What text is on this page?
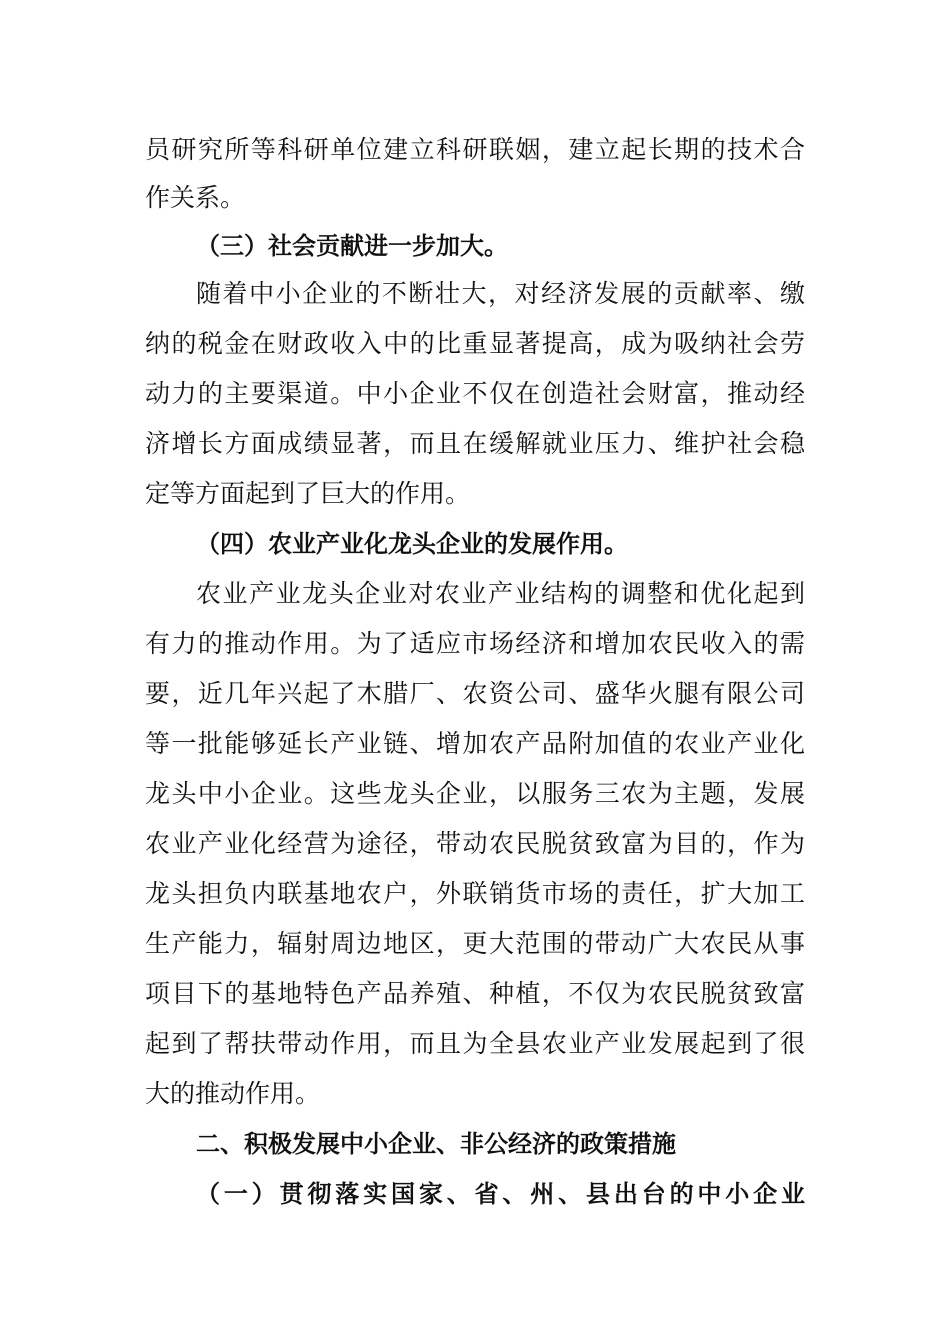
员研究所等科研单位建立科研联姻，建立起长期的技术合
作关系。
（三）社会贡献进一步加大。
随着中小企业的不断壮大，对经济发展的贡献率、缴
纳的税金在财政收入中的比重显著提高，成为吸纳社会劳
动力的主要渠道。中小企业不仅在创造社会财富，推动经
济增长方面成绩显著，而且在缓解就业压力、维护社会稳
定等方面起到了巨大的作用。
（四）农业产业化龙头企业的发展作用。
农业产业龙头企业对农业产业结构的调整和优化起到
有力的推动作用。为了适应市场经济和增加农民收入的需
要，近几年兴起了木腊厂、农资公司、盛华火腿有限公司
等一批能够延长产业链、增加农产品附加值的农业产业化
龙头中小企业。这些龙头企业，以服务三农为主题，发展
农业产业化经营为途径，带动农民脱贫致富为目的，作为
龙头担负内联基地农户，外联销货市场的责任，扩大加工
生产能力，辐射周边地区，更大范围的带动广大农民从事
项目下的基地特色产品养殖、种植，不仅为农民脱贫致富
起到了帮扶带动作用，而且为全县农业产业发展起到了很
大的推动作用。
二、积极发展中小企业、非公经济的政策措施
（一）贯彻落实国家、省、州、县出台的中小企业
